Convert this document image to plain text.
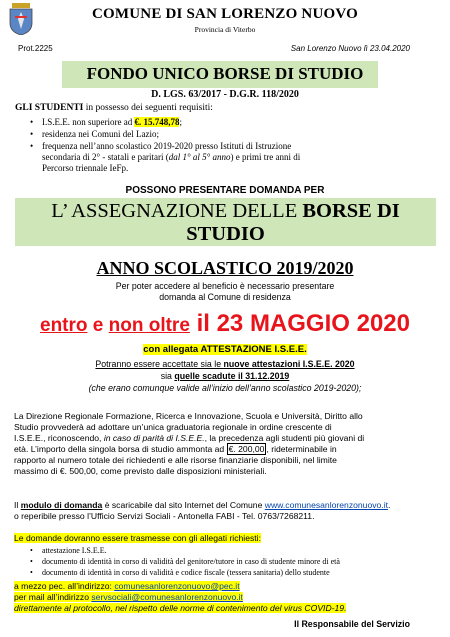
COMUNE DI SAN LORENZO NUOVO
Provincia di Viterbo
Prot.2225	San Lorenzo Nuovo lì 23.04.2020
FONDO UNICO BORSE DI STUDIO
D. LGS. 63/2017 - D.G.R. 118/2020
GLI STUDENTI in possesso dei seguenti requisiti:
• I.S.E.E. non superiore ad €. 15.748,78;
• residenza nei Comuni del Lazio;
• frequenza nell’anno scolastico 2019-2020 presso Istituti di Istruzione
secondaria di 2° - statali e paritari (dal 1° al 5° anno) e primi tre anni di
Percorso triennale IeFp.
POSSONO PRESENTARE DOMANDA PER
L’ ASSEGNAZIONE DELLE BORSE DI
STUDIO
ANNO SCOLASTICO 2019/2020
Per poter accedere al beneficio è necessario presentare
domanda al Comune di residenza
entro e non oltre il 23 MAGGIO 2020
con allegata ATTESTAZIONE I.S.E.E.
Potranno essere accettate sia le nuove attestazioni I.S.E.E. 2020
sia quelle scadute il 31.12.2019
(che erano comunque valide all’inizio dell’anno scolastico 2019-2020);
La Direzione Regionale Formazione, Ricerca e Innovazione, Scuola e Università, Diritto allo
Studio provvederà ad adottare un’unica graduatoria regionale in ordine crescente di
I.S.E.E., riconoscendo, in caso di parità di I.S.E.E., la precedenza agli studenti più giovani di
età. L’importo della singola borsa di studio ammonta ad €. 200,00 , rideterminabile in
rapporto al numero totale dei richiedenti e alle risorse finanziarie disponibili, nel limite
massimo di €. 500,00, come previsto dalle disposizioni ministeriali.
Il modulo di domanda è scaricabile dal sito Internet del Comune www.comunesanlorenzonuovo.it.
o reperibile presso l’Ufficio Servizi Sociali - Antonella FABI - Tel. 0763/7268211.
Le domande dovranno essere trasmesse con gli allegati richiesti:
• attestazione I.S.E.E.
• documento di identità in corso di validità del genitore/tutore in caso di studente minore di età
• documento di identità in corso di validità e codice fiscale (tessera sanitaria) dello studente
a mezzo pec. all’indirizzo: comunesanlorenzonuovo@pec.it
per mail all’indirizzo servsociali@comunesanlorenzonuovo.it
direttamente al protocollo, nel rispetto delle norme di contenimento del virus COVID-19.
Il Responsabile del Servizio
